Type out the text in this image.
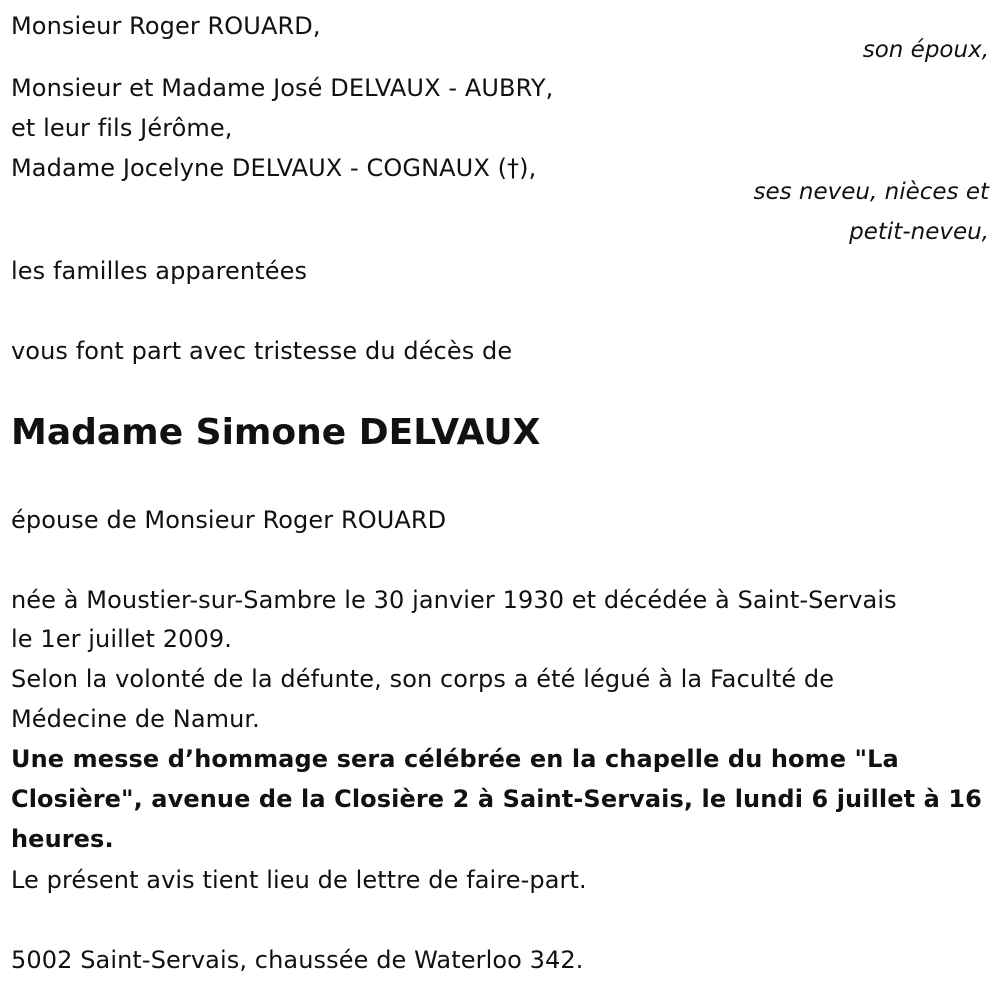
Monsieur Roger ROUARD,
son époux,
Monsieur et Madame José DELVAUX - AUBRY,
et leur fils Jérôme,
Madame Jocelyne DELVAUX - COGNAUX (†),
ses neveu, nièces et
petit-neveu,
les familles apparentées
vous font part avec tristesse du décès de
Madame Simone DELVAUX
épouse de Monsieur Roger ROUARD
née à Moustier-sur-Sambre le 30 janvier 1930 et décédée à Saint-Servais
le 1er juillet 2009.
Selon la volonté de la défunte, son corps a été légué à la Faculté de
Médecine de Namur.
Une messe d’hommage sera célébrée en la chapelle du home "La
Closière", avenue de la Closière 2 à Saint-Servais, le lundi 6 juillet à 16
heures.
Le présent avis tient lieu de lettre de faire-part.
5002 Saint-Servais, chaussée de Waterloo 342.
